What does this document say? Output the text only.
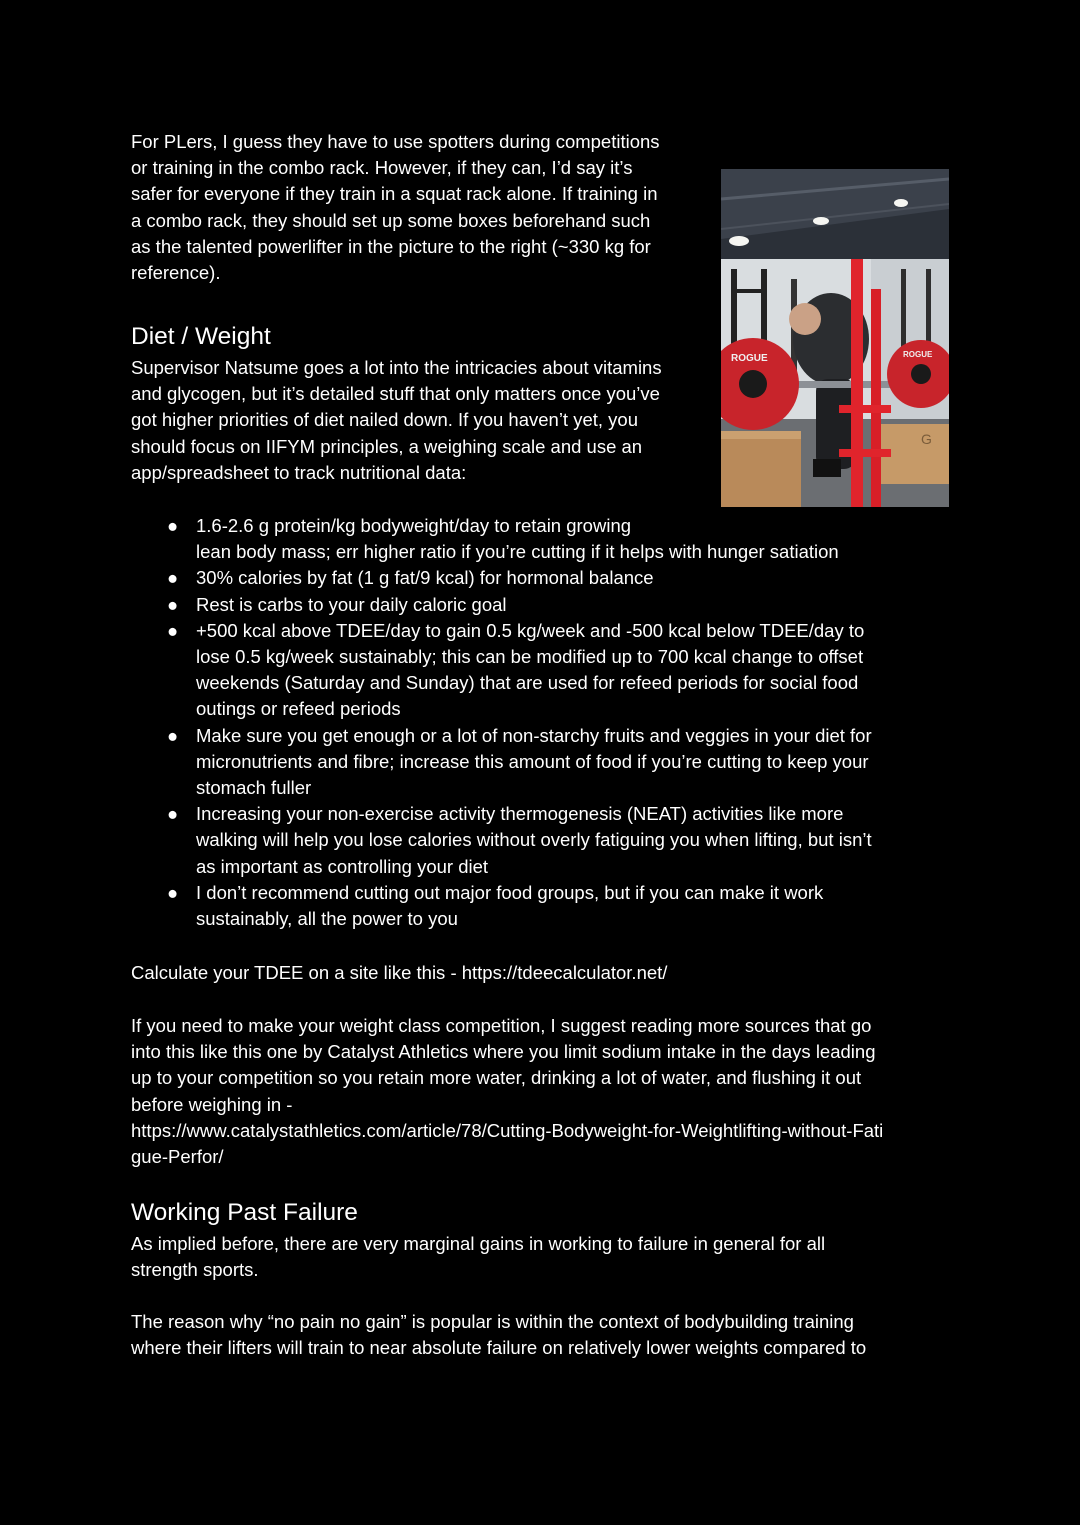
For PLers, I guess they have to use spotters during competitions
or training in the combo rack. However, if they can, I’d say it’s
safer for everyone if they train in a squat rack alone. If training in
a combo rack, they should set up some boxes beforehand such
as the talented powerlifter in the picture to the right (~330 kg for
reference).
Diet / Weight
Supervisor Natsume goes a lot into the intricacies about vitamins
and glycogen, but it’s detailed stuff that only matters once you’ve
got higher priorities of diet nailed down. If you haven’t yet, you
should focus on IIFYM principles, a weighing scale and use an
app/spreadsheet to track nutritional data:
● 1.6-2.6 g protein/kg bodyweight/day to retain growing
lean body mass; err higher ratio if you’re cutting if it helps with hunger satiation
● 30% calories by fat (1 g fat/9 kcal) for hormonal balance
● Rest is carbs to your daily caloric goal
● +500 kcal above TDEE/day to gain 0.5 kg/week and -500 kcal below TDEE/day to
lose 0.5 kg/week sustainably; this can be modified up to 700 kcal change to offset
weekends (Saturday and Sunday) that are used for refeed periods for social food
outings or refeed periods
● Make sure you get enough or a lot of non-starchy fruits and veggies in your diet for
micronutrients and fibre; increase this amount of food if you’re cutting to keep your
stomach fuller
● Increasing your non-exercise activity thermogenesis (NEAT) activities like more
walking will help you lose calories without overly fatiguing you when lifting, but isn’t
as important as controlling your diet
● I don’t recommend cutting out major food groups, but if you can make it work
sustainably, all the power to you
Calculate your TDEE on a site like this - https://tdeecalculator.net/
If you need to make your weight class competition, I suggest reading more sources that go
into this like this one by Catalyst Athletics where you limit sodium intake in the days leading
up to your competition so you retain more water, drinking a lot of water, and flushing it out
before weighing in -
https://www.catalystathletics.com/article/78/Cutting-Bodyweight-for-Weightlifting-without-Fati
gue-Perfor/
Working Past Failure
As implied before, there are very marginal gains in working to failure in general for all
strength sports.
The reason why “no pain no gain” is popular is within the context of bodybuilding training
where their lifters will train to near absolute failure on relatively lower weights compared to
G
ROGUE	ROGUE
